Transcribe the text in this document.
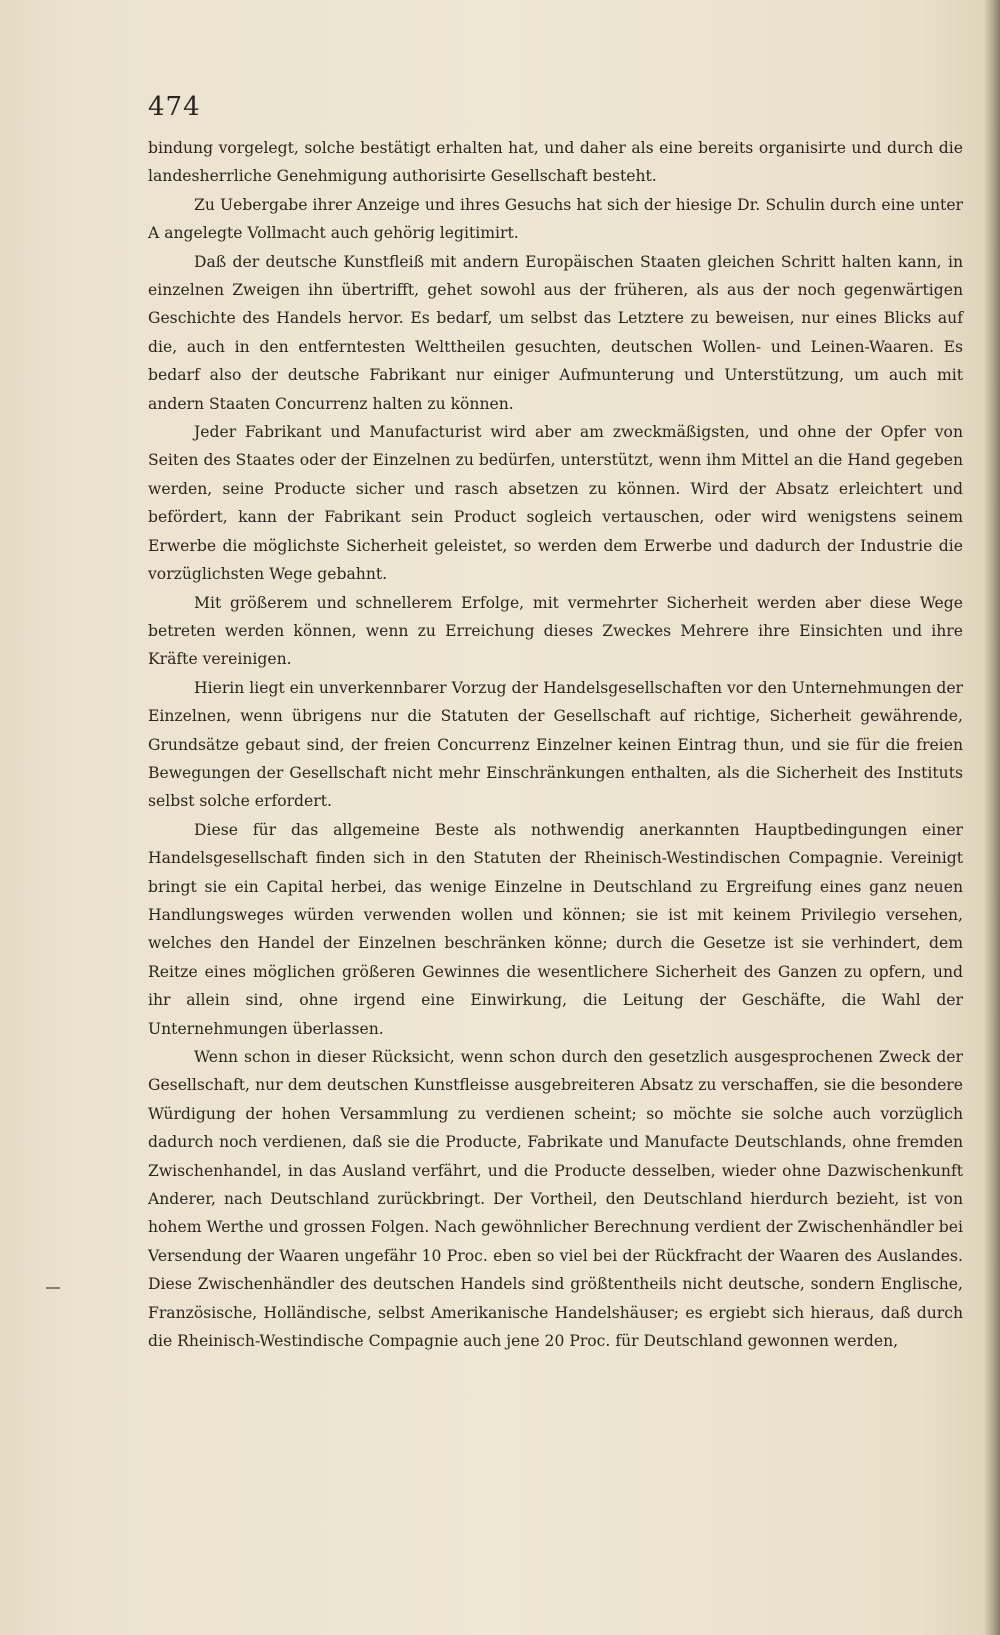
474

bindung vorgelegt, solche bestätigt erhalten hat, und daher als eine bereits organisirte und durch die landesherrliche Genehmigung authorisirte Gesellschaft besteht.

Zu Uebergabe ihrer Anzeige und ihres Gesuchs hat sich der hiesige Dr. Schulin durch eine unter A angelegte Vollmacht auch gehörig legitimirt.

Daß der deutsche Kunstfleiß mit andern Europäischen Staaten gleichen Schritt halten kann, in einzelnen Zweigen ihn übertrifft, gehet sowohl aus der früheren, als aus der noch gegenwärtigen Geschichte des Handels hervor. Es bedarf, um selbst das Letztere zu beweisen, nur eines Blicks auf die, auch in den entferntesten Welttheilen gesuchten, deutschen Wollen- und Leinen-Waaren. Es bedarf also der deutsche Fabrikant nur einiger Aufmunterung und Unterstützung, um auch mit andern Staaten Concurrenz halten zu können.

Jeder Fabrikant und Manufacturist wird aber am zweckmäßigsten, und ohne der Opfer von Seiten des Staates oder der Einzelnen zu bedürfen, unterstützt, wenn ihm Mittel an die Hand gegeben werden, seine Producte sicher und rasch absetzen zu können. Wird der Absatz erleichtert und befördert, kann der Fabrikant sein Product sogleich vertauschen, oder wird wenigstens seinem Erwerbe die möglichste Sicherheit geleistet, so werden dem Erwerbe und dadurch der Industrie die vorzüglichsten Wege gebahnt.

Mit größerem und schnellerem Erfolge, mit vermehrter Sicherheit werden aber diese Wege betreten werden können, wenn zu Erreichung dieses Zweckes Mehrere ihre Einsichten und ihre Kräfte vereinigen.

Hierin liegt ein unverkennbarer Vorzug der Handelsgesellschaften vor den Unternehmungen der Einzelnen, wenn übrigens nur die Statuten der Gesellschaft auf richtige, Sicherheit gewährende, Grundsätze gebaut sind, der freien Concurrenz Einzelner keinen Eintrag thun, und sie für die freien Bewegungen der Gesellschaft nicht mehr Einschränkungen enthalten, als die Sicherheit des Instituts selbst solche erfordert.

Diese für das allgemeine Beste als nothwendig anerkannten Hauptbedingungen einer Handelsgesellschaft finden sich in den Statuten der Rheinisch-Westindischen Compagnie. Vereinigt bringt sie ein Capital herbei, das wenige Einzelne in Deutschland zu Ergreifung eines ganz neuen Handlungsweges würden verwenden wollen und können; sie ist mit keinem Privilegio versehen, welches den Handel der Einzelnen beschränken könne; durch die Gesetze ist sie verhindert, dem Reitze eines möglichen größeren Gewinnes die wesentlichere Sicherheit des Ganzen zu opfern, und ihr allein sind, ohne irgend eine Einwirkung, die Leitung der Geschäfte, die Wahl der Unternehmungen überlassen.

Wenn schon in dieser Rücksicht, wenn schon durch den gesetzlich ausgesprochenen Zweck der Gesellschaft, nur dem deutschen Kunstfleisse ausgebreiteren Absatz zu verschaffen, sie die besondere Würdigung der hohen Versammlung zu verdienen scheint; so möchte sie solche auch vorzüglich dadurch noch verdienen, daß sie die Producte, Fabrikate und Manufacte Deutschlands, ohne fremden Zwischenhandel, in das Ausland verfährt, und die Producte desselben, wieder ohne Dazwischenkunft Anderer, nach Deutschland zurückbringt. Der Vortheil, den Deutschland hierdurch bezieht, ist von hohem Werthe und grossen Folgen. Nach gewöhnlicher Berechnung verdient der Zwischenhändler bei Versendung der Waaren ungefähr 10 Proc. eben so viel bei der Rückfracht der Waaren des Auslandes. Diese Zwischenhändler des deutschen Handels sind größtentheils nicht deutsche, sondern Englische, Französische, Holländische, selbst Amerikanische Handelshäuser; es ergiebt sich hieraus, daß durch die Rheinisch-Westindische Compagnie auch jene 20 Proc. für Deutschland gewonnen werden,
